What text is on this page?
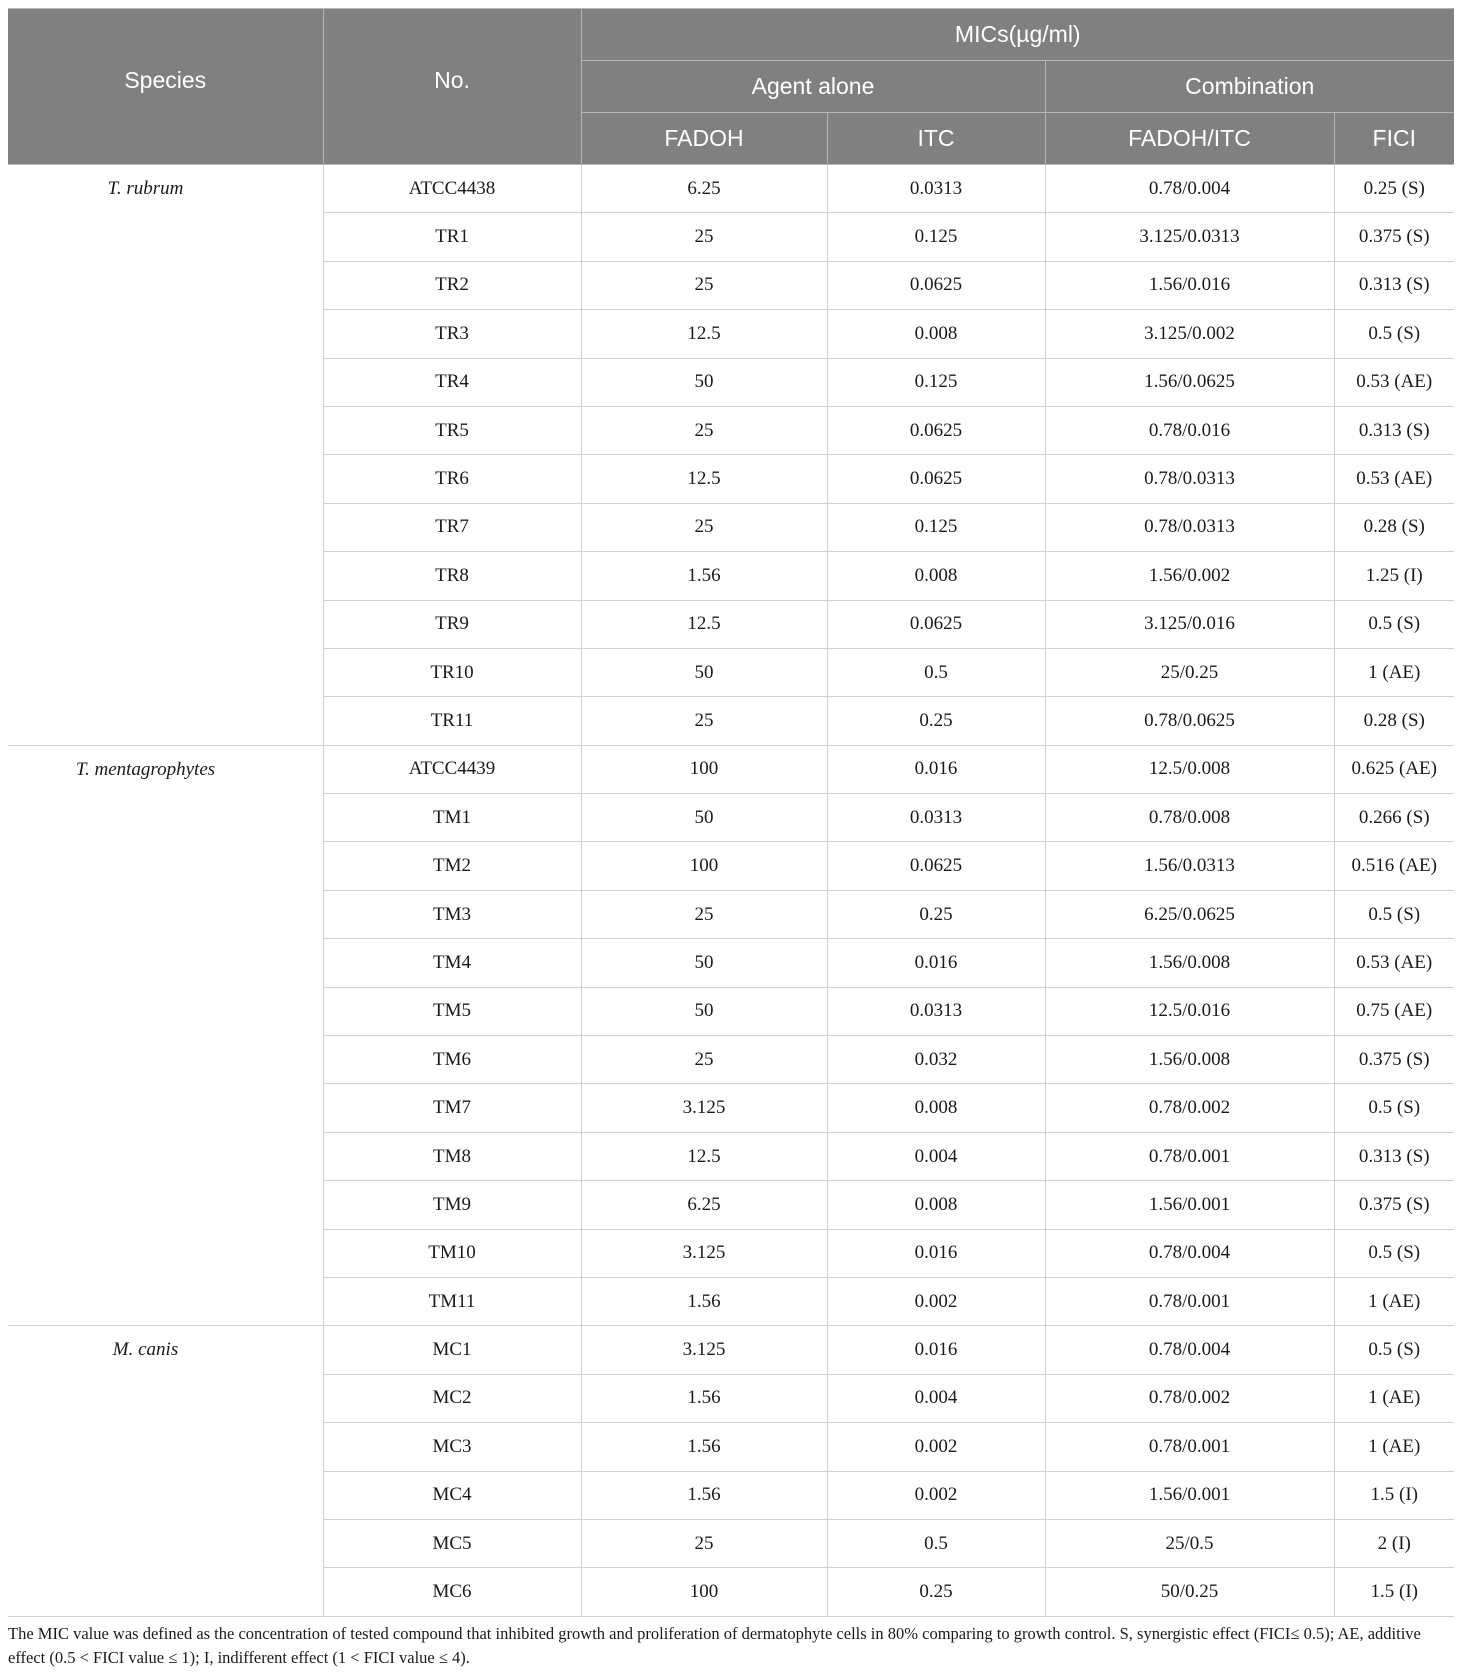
Species	No.	MICs(µg/ml)			
		Agent alone		Combination	
		FADOH	ITC	FADOH/ITC	FICI

T. rubrum	ATCC4438	6.25	0.0313	0.78/0.004	0.25 (S)

	TR1	25	0.125	3.125/0.0313	0.375 (S)

	TR2	25	0.0625	1.56/0.016	0.313 (S)

	TR3	12.5	0.008	3.125/0.002	0.5 (S)

	TR4	50	0.125	1.56/0.0625	0.53 (AE)

	TR5	25	0.0625	0.78/0.016	0.313 (S)

	TR6	12.5	0.0625	0.78/0.0313	0.53 (AE)

	TR7	25	0.125	0.78/0.0313	0.28 (S)

	TR8	1.56	0.008	1.56/0.002	1.25 (I)

	TR9	12.5	0.0625	3.125/0.016	0.5 (S)

	TR10	50	0.5	25/0.25	1 (AE)

	TR11	25	0.25	0.78/0.0625	0.28 (S)

T. mentagrophytes	ATCC4439	100	0.016	12.5/0.008	0.625 (AE)

	TM1	50	0.0313	0.78/0.008	0.266 (S)

	TM2	100	0.0625	1.56/0.0313	0.516 (AE)

	TM3	25	0.25	6.25/0.0625	0.5 (S)

	TM4	50	0.016	1.56/0.008	0.53 (AE)

	TM5	50	0.0313	12.5/0.016	0.75 (AE)

	TM6	25	0.032	1.56/0.008	0.375 (S)

	TM7	3.125	0.008	0.78/0.002	0.5 (S)

	TM8	12.5	0.004	0.78/0.001	0.313 (S)

	TM9	6.25	0.008	1.56/0.001	0.375 (S)

	TM10	3.125	0.016	0.78/0.004	0.5 (S)

	TM11	1.56	0.002	0.78/0.001	1 (AE)

M. canis	MC1	3.125	0.016	0.78/0.004	0.5 (S)

	MC2	1.56	0.004	0.78/0.002	1 (AE)

	MC3	1.56	0.002	0.78/0.001	1 (AE)

	MC4	1.56	0.002	1.56/0.001	1.5 (I)

	MC5	25	0.5	25/0.5	2 (I)

	MC6	100	0.25	50/0.25	1.5 (I)
The MIC value was defined as the concentration of tested compound that inhibited growth and proliferation of dermatophyte cells in 80% comparing to growth control. S, synergistic effect (FICI≤ 0.5); AE, additive effect (0.5 < FICI value ≤ 1); I, indifferent effect (1 < FICI value ≤ 4).
